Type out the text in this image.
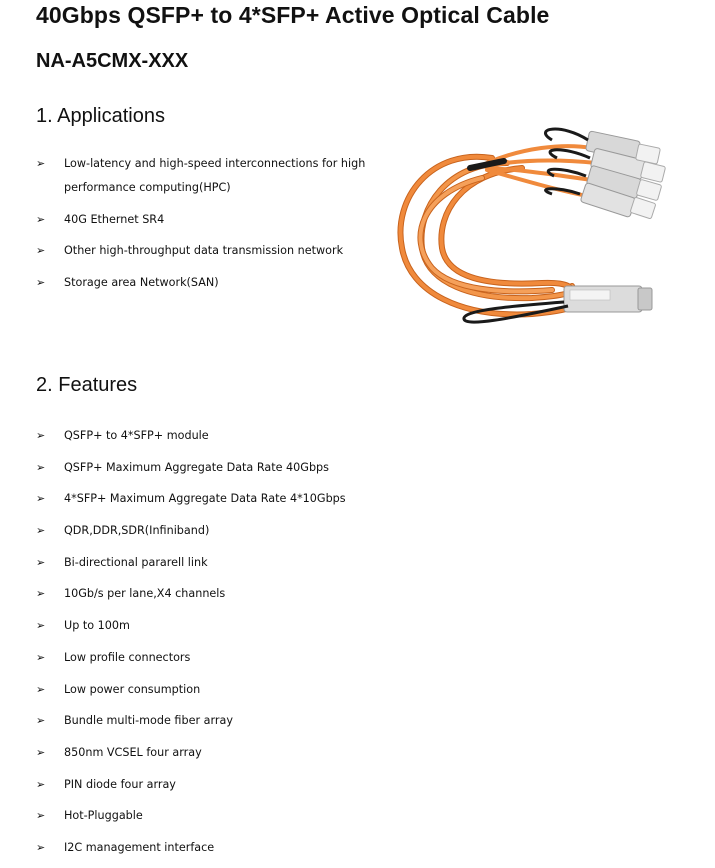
40Gbps QSFP+ to 4*SFP+ Active Optical Cable
NA-A5CMX-XXX
1. Applications
➢ Low-latency and high-speed interconnections for high performance computing(HPC)
➢ 40G Ethernet SR4
➢ Other high-throughput data transmission network
➢ Storage area Network(SAN)
2. Features
➢ QSFP+ to 4*SFP+ module
➢ QSFP+ Maximum Aggregate Data Rate 40Gbps
➢ 4*SFP+ Maximum Aggregate Data Rate 4*10Gbps
➢ QDR,DDR,SDR(Infiniband)
➢ Bi-directional pararell link
➢ 10Gb/s per lane,X4 channels
➢ Up to 100m
➢ Low profile connectors
➢ Low power consumption
➢ Bundle multi-mode fiber array
➢ 850nm VCSEL four array
➢ PIN diode four array
➢ Hot-Pluggable
➢ I2C management interface
